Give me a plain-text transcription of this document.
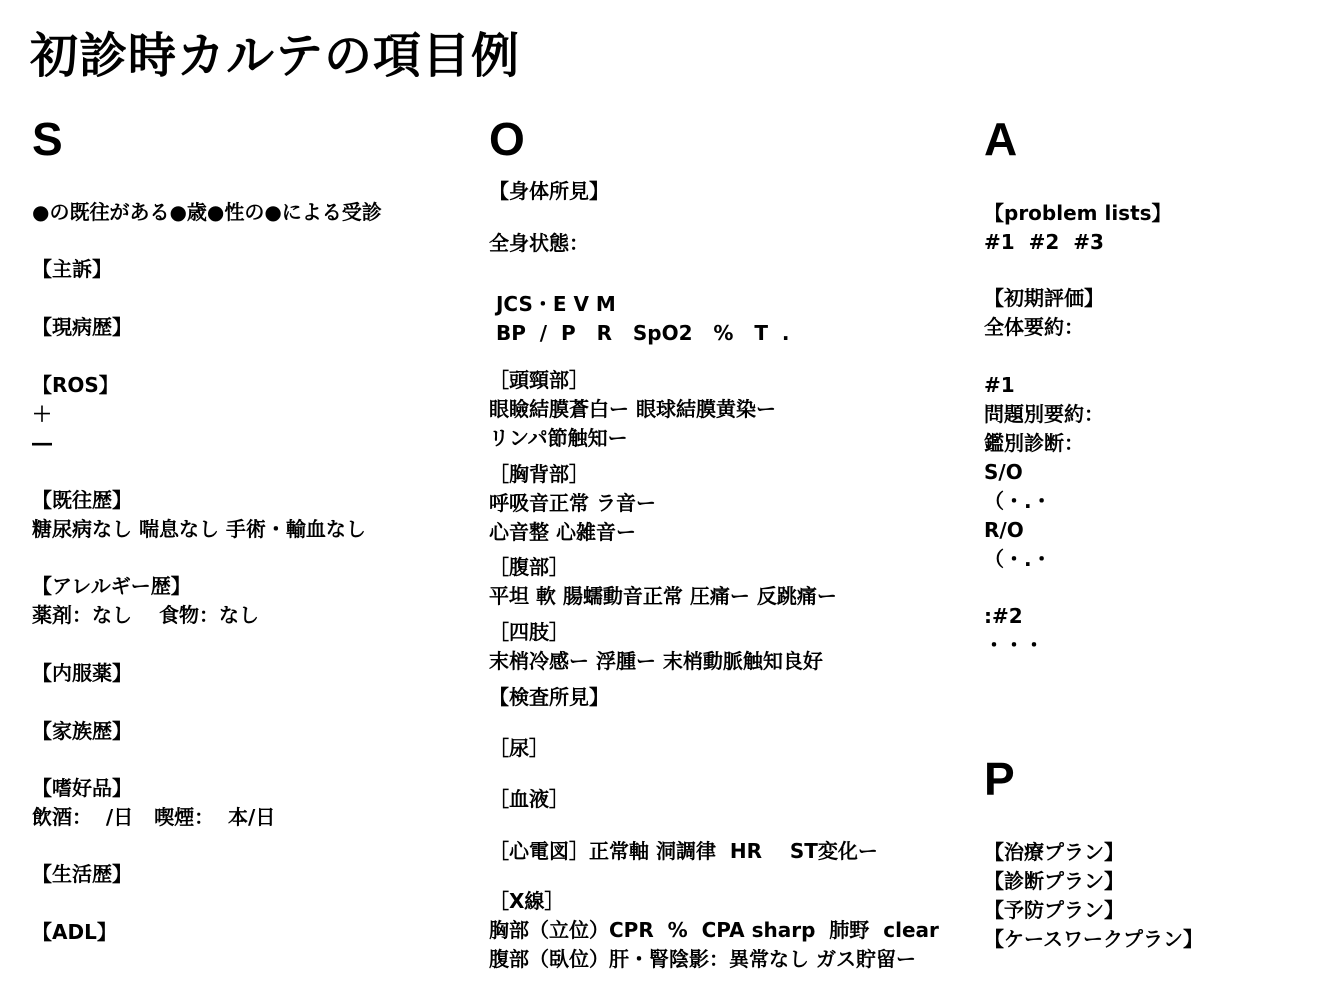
初診時カルテの項目例
S
●の既往がある●歳●性の●による受診
【主訴】
【現病歴】
【ROS】
＋
―
【既往歴】
糖尿病なし 喘息なし 手術・輸血なし
【アレルギー歴】
薬剤：なし　 食物：なし
【内服薬】
【家族歴】
【嗜好品】
飲酒：  /日   喫煙：  本/日
【生活歴】
【ADL】
O
【身体所見】
全身状態：
JCS・E V M
BP  /  P   R   SpO2   %   T  .
［頭頸部］
眼瞼結膜蒼白ー 眼球結膜黄染ー
リンパ節触知ー
［胸背部］
呼吸音正常 ラ音ー
心音整 心雑音ー
［腹部］
平坦 軟 腸蠕動音正常 圧痛ー 反跳痛ー
［四肢］
末梢冷感ー 浮腫ー 末梢動脈触知良好
【検査所見】
［尿］
［血液］
［心電図］正常軸 洞調律  HR    ST変化ー
［X線］
胸部（立位）CPR  %  CPA sharp  肺野  clear
腹部（臥位）肝・腎陰影：異常なし ガス貯留ー
A
【problem lists】
#1  #2  #3
【初期評価】
全体要約：
#1
問題別要約：
鑑別診断：
S/O
（・.・
R/O
（・.・
:#2
・・・
P
【治療プラン】
【診断プラン】
【予防プラン】
【ケースワークプラン】
